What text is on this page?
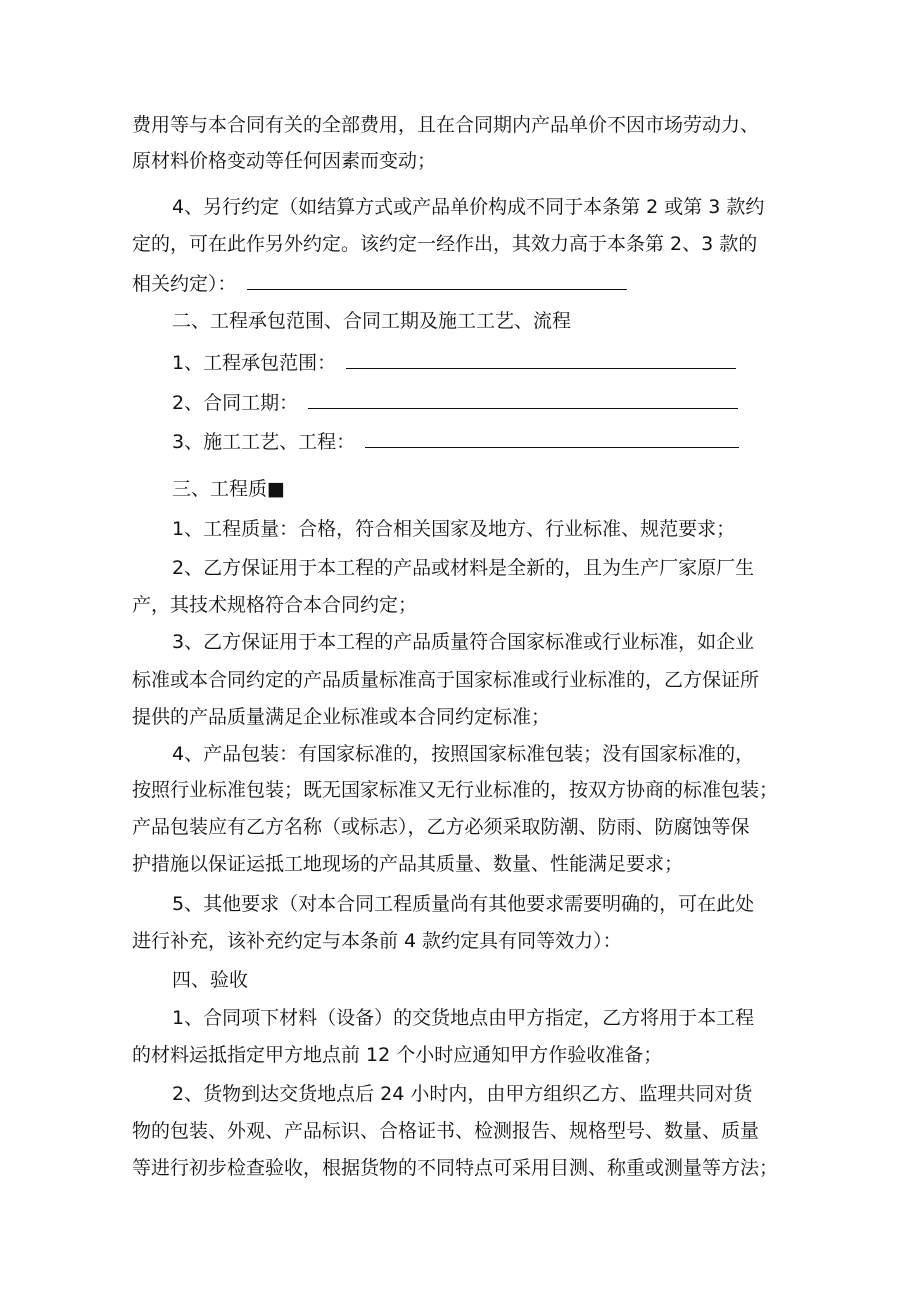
费用等与本合同有关的全部费用，且在合同期内产品单价不因市场劳动力、
原材料价格变动等任何因素而变动；
4、另行约定（如结算方式或产品单价构成不同于本条第 2 或第 3 款约
定的，可在此作另外约定。该约定一经作出，其效力高于本条第 2、3 款的
相关约定）：
二、工程承包范围、合同工期及施工工艺、流程
1、工程承包范围：
2、合同工期：
3、施工工艺、工程：
三、工程质■
1、工程质量：合格，符合相关国家及地方、行业标准、规范要求；
2、乙方保证用于本工程的产品或材料是全新的，且为生产厂家原厂生
产，其技术规格符合本合同约定；
3、乙方保证用于本工程的产品质量符合国家标准或行业标准，如企业
标准或本合同约定的产品质量标准高于国家标准或行业标准的，乙方保证所
提供的产品质量满足企业标准或本合同约定标准；
4、产品包装：有国家标准的，按照国家标准包装；没有国家标准的，
按照行业标准包装；既无国家标准又无行业标准的，按双方协商的标准包装；
产品包装应有乙方名称（或标志），乙方必须采取防潮、防雨、防腐蚀等保
护措施以保证运抵工地现场的产品其质量、数量、性能满足要求；
5、其他要求（对本合同工程质量尚有其他要求需要明确的，可在此处
进行补充，该补充约定与本条前 4 款约定具有同等效力）：
四、验收
1、合同项下材料（设备）的交货地点由甲方指定，乙方将用于本工程
的材料运抵指定甲方地点前 12 个小时应通知甲方作验收准备；
2、货物到达交货地点后 24 小时内，由甲方组织乙方、监理共同对货
物的包装、外观、产品标识、合格证书、检测报告、规格型号、数量、质量
等进行初步检查验收，根据货物的不同特点可采用目测、称重或测量等方法；
